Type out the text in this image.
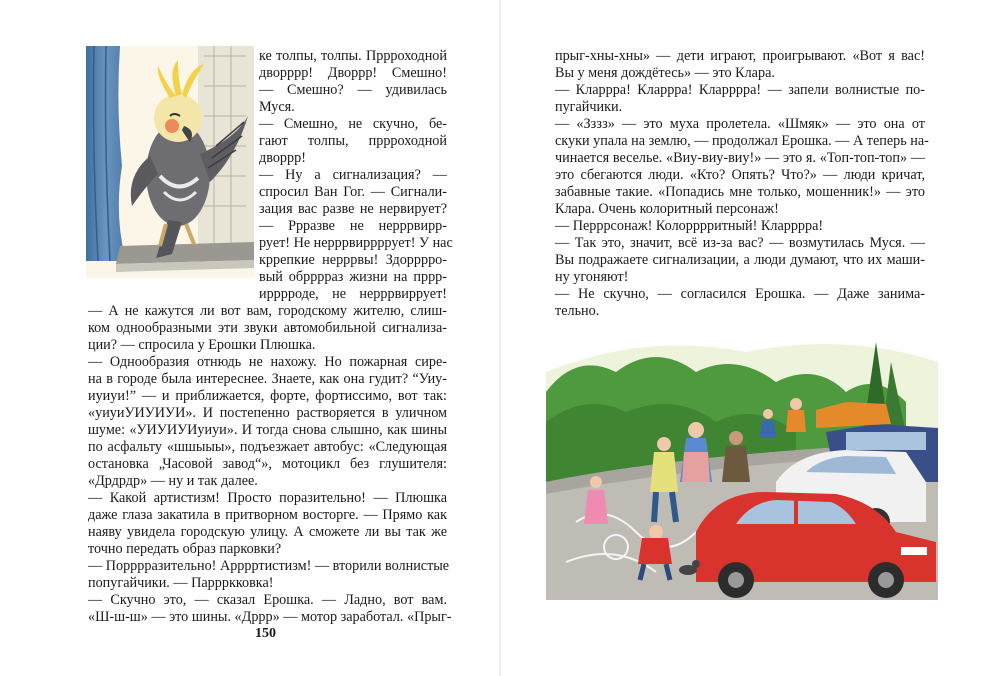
ке толпы, толпы. Пррроходной
дворррр! Дворрр! Смешно!
— Смешно? — удивилась
Муся.
— Смешно, не скучно, бе-
гают толпы, пррроходной
дворрр!
— Ну а сигнализация? —
спросил Ван Гог. — Сигнали-
зация вас разве не нервирует?
— Ррразве не нерррвирр-
рует! Не нерррвиррррует! У нас
кррепкие нерррвы! Здорррро-
вый обрррраз жизни на пррр-
ирррроде, не нерррвиррует!
— А не кажутся ли вот вам, городскому жителю, слиш-
ком однообразными эти звуки автомобильной сигнализа-
ции? — спросила у Ерошки Плюшка.
— Однообразия отнюдь не нахожу. Но пожарная сире-
на в городе была интереснее. Знаете, как она гудит? “Уиу-
иуиуи!” — и приближается, форте, фортиссимо, вот так:
«уиуиУИУИУИ». И постепенно растворяется в уличном
шуме: «УИУИУИуиуи». И тогда снова слышно, как шины
по асфальту «шшыыы», подъезжает автобус: «Следующая
остановка „Часовой завод“», мотоцикл без глушителя:
«Дрдрдр» — ну и так далее.
— Какой артистизм! Просто поразительно! — Плюшка
даже глаза закатила в притворном восторге. — Прямо как
наяву увидела городскую улицу. А сможете ли вы так же
точно передать образ парковки?
— Порррразительно! Арррртистизм! — вторили волнистые
попугайчики. — Паррркковка!
— Скучно это, — сказал Ерошка. — Ладно, вот вам.
«Ш-ш-ш» — это шины. «Дррр» — мотор заработал. «Прыг-
150
прыг-хны-хны» — дети играют, проигрывают. «Вот я вас!
Вы у меня дождётесь» — это Клара.
— Кларрра! Кларрра! Кларррра! — запели волнистые по-
пугайчики.
— «Зззз» — это муха пролетела. «Шмяк» — это она от
скуки упала на землю, — продолжал Ерошка. — А теперь на-
чинается веселье. «Виу-виу-виу!» — это я. «Топ-топ-топ» —
это сбегаются люди. «Кто? Опять? Что?» — люди кричат,
забавные такие. «Попадись мне только, мошенник!» — это
Клара. Очень колоритный персонаж!
— Перррсонаж! Колорррритный! Кларррра!
— Так это, значит, всё из-за вас? — возмутилась Муся. —
Вы подражаете сигнализации, а люди думают, что их маши-
ну угоняют!
— Не скучно, — согласился Ерошка. — Даже занима-
тельно.
